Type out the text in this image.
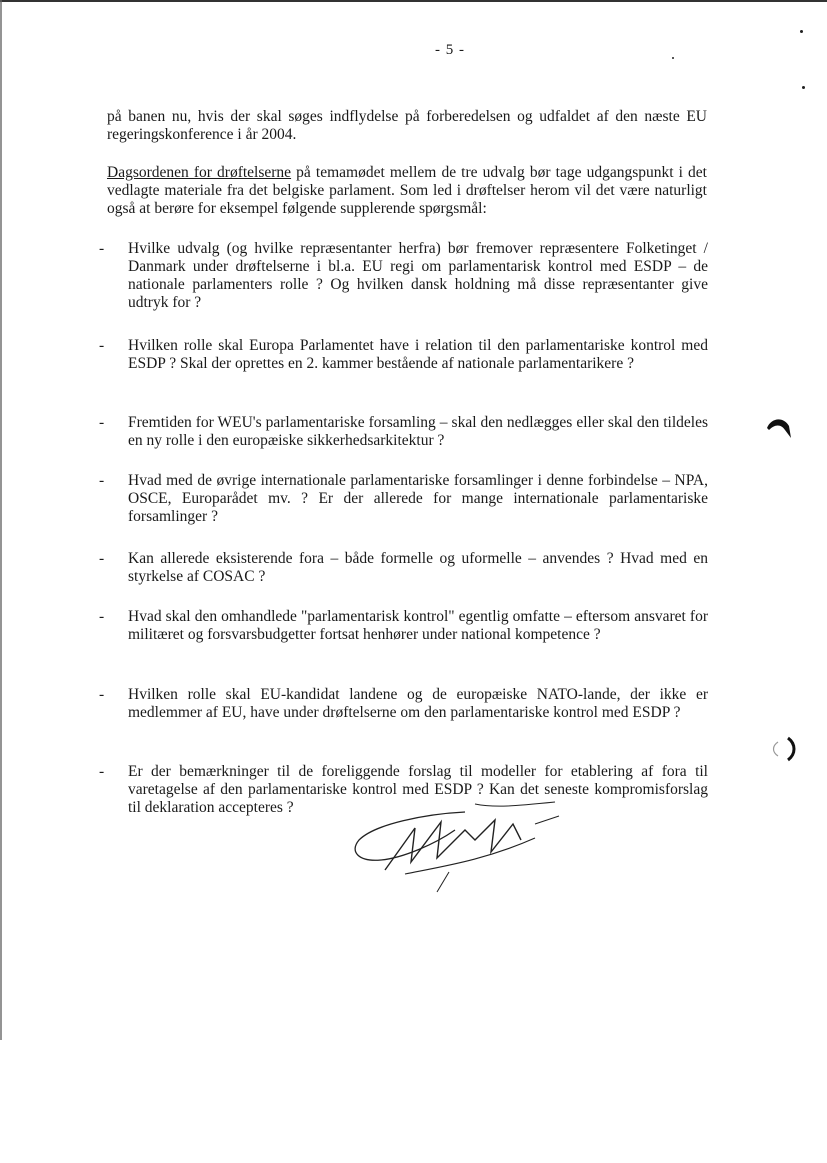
- 5 -
på banen nu, hvis der skal søges indflydelse på forberedelsen og udfaldet af den næste EU regeringskonference i år 2004.
Dagsordenen for drøftelserne på temamødet mellem de tre udvalg bør tage udgangspunkt i det vedlagte materiale fra det belgiske parlament. Som led i drøftelser herom vil det være naturligt også at berøre for eksempel følgende supplerende spørgsmål:
- Hvilke udvalg (og hvilke repræsentanter herfra) bør fremover repræsentere Folketinget / Danmark under drøftelserne i bl.a. EU regi om parlamentarisk kontrol med ESDP – de nationale parlamenters rolle ? Og hvilken dansk holdning må disse repræsentanter give udtryk for ?
- Hvilken rolle skal Europa Parlamentet have i relation til den parlamentariske kontrol med ESDP ? Skal der oprettes en 2. kammer bestående af nationale parlamentarikere ?
- Fremtiden for WEU's parlamentariske forsamling – skal den nedlægges eller skal den tildeles en ny rolle i den europæiske sikkerhedsarkitektur ?
- Hvad med de øvrige internationale parlamentariske forsamlinger i denne forbindelse – NPA, OSCE, Europarådet mv. ? Er der allerede for mange internationale parlamentariske forsamlinger ?
- Kan allerede eksisterende fora – både formelle og uformelle – anvendes ? Hvad med en styrkelse af COSAC ?
- Hvad skal den omhandlede "parlamentarisk kontrol" egentlig omfatte – eftersom ansvaret for militæret og forsvarsbudgetter fortsat henhører under national kompetence ?
- Hvilken rolle skal EU-kandidat landene og de europæiske NATO-lande, der ikke er medlemmer af EU, have under drøftelserne om den parlamentariske kontrol med ESDP ?
- Er der bemærkninger til de foreliggende forslag til modeller for etablering af fora til varetagelse af den parlamentariske kontrol med ESDP ? Kan det seneste kompromisforslag til deklaration accepteres ?
